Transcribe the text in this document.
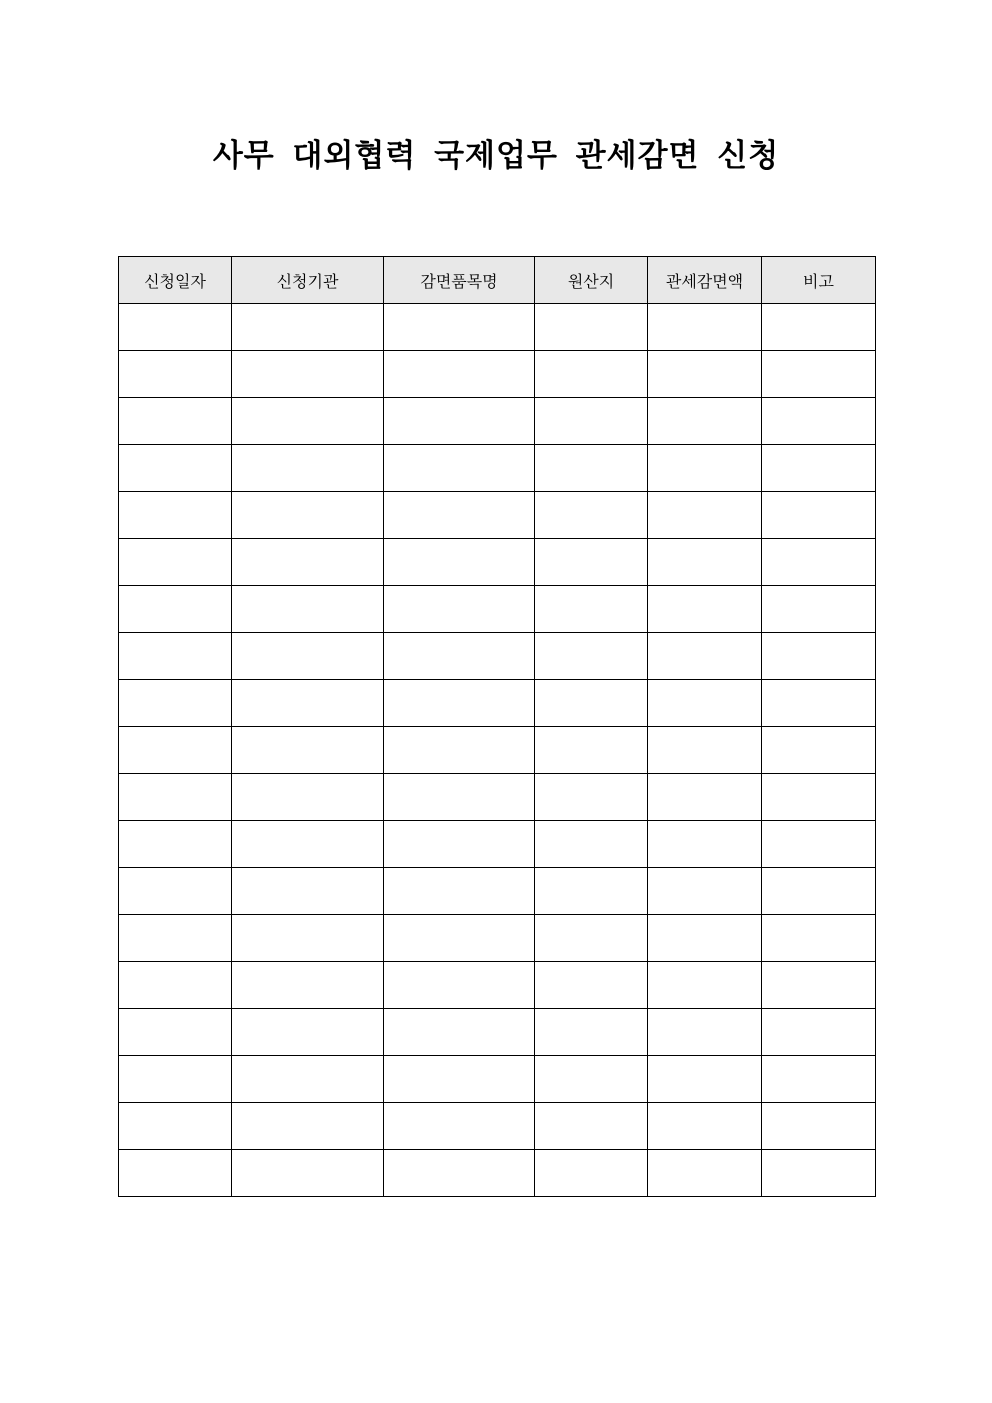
사무 대외협력 국제업무 관세감면 신청
신청일자	신청기관	감면품목명	원산지	관세감면액	비고
